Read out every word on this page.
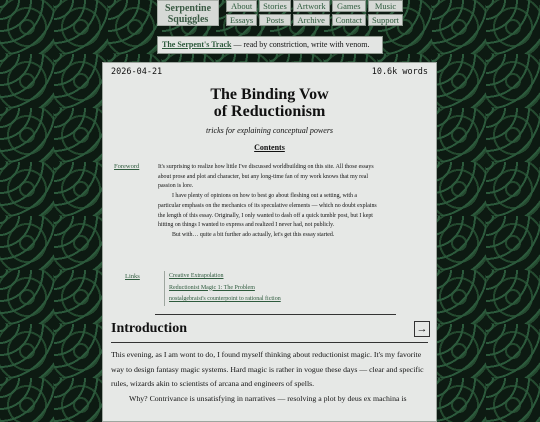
Serpentine
Squiggles
About	Stories	Artwork	Games	Music
Essays	Posts	Archive	Contact	Support
The Serpent's Track — read by constriction, write with venom.
2026-04-21	10.6k words
The Binding Vow
of Reductionism
tricks for explaining conceptual powers
Contents
Foreword	It's surprising to realize how little I've discussed worldbuilding on this site. All those essays about prose and plot and character, but any long-time fan of my work knows that my real passion is lore.

I have plenty of opinions on how to best go about fleshing out a setting, with a particular emphasis on the mechanics of its speculative elements — which no doubt explains the length of this essay. Originally, I only wanted to dash off a quick tumblr post, but I kept hitting on things I wanted to express and realized I never had, not publicly.

But with… quite a bit further ado actually, let's get this essay started.

Links	Creative Extrapolation
Reductionist Magic 1: The Problem
nostalgebraist's counterpoint to rational fiction
Introduction	→

This evening, as I am wont to do, I found myself thinking about reductionist magic. It's my favorite way to design fantasy magic systems. Hard magic is rather in vogue these days — clear and specific rules, wizards akin to scientists of arcana and engineers of spells.

Why? Contrivance is unsatisfying in narratives — resolving a plot by deus ex machina is
